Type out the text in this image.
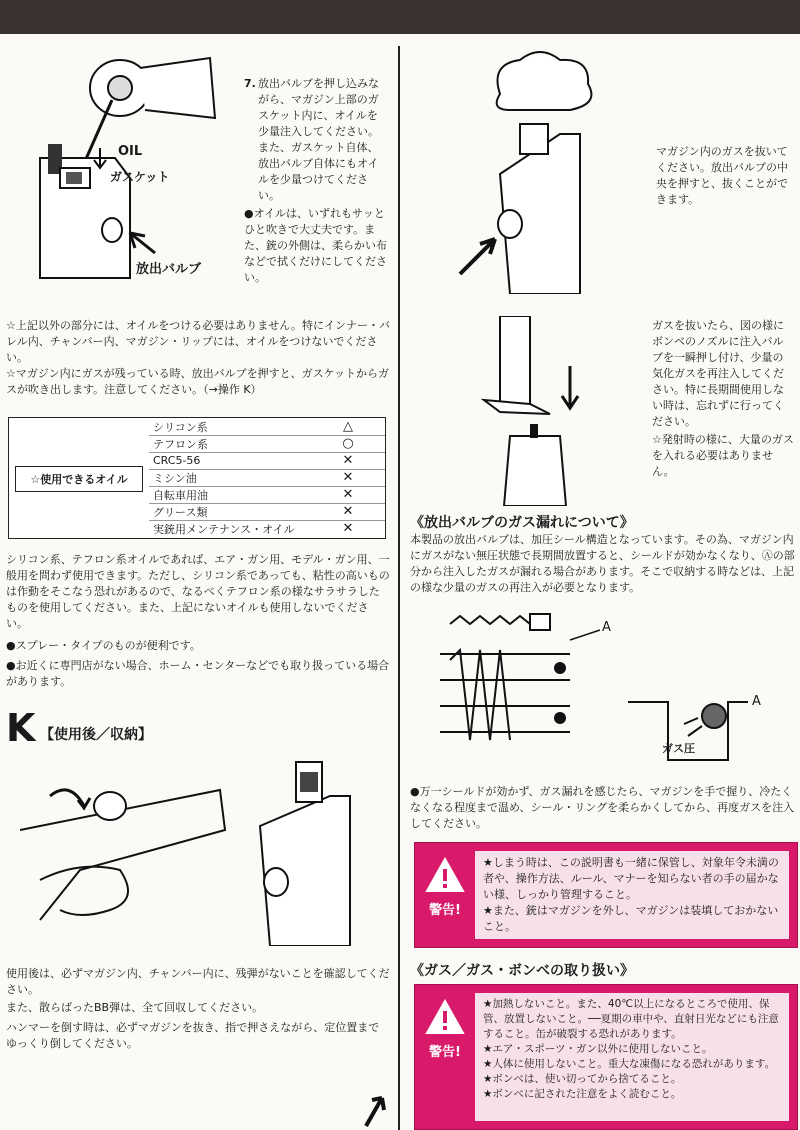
OIL
ガスケット
放出バルブ
7. 放出バルブを押し込みながら、マガジン上部のガスケット内に、オイルを少量注入してください。また、ガスケット自体、放出バルブ自体にもオイルを少量つけてください。
●オイルは、いずれもサッとひと吹きで大丈夫です。また、銃の外側は、柔らかい布などで拭くだけにしてください。
☆上記以外の部分には、オイルをつける必要はありません。特にインナー・バレル内、チャンバー内、マガジン・リップには、オイルをつけないでください。
☆マガジン内にガスが残っている時、放出バルブを押すと、ガスケットからガスが吹き出します。注意してください。（→操作 K）
☆使用できるオイル
シリコン系	△
テフロン系	○
CRC5-56	✕
ミシン油	✕
自転車用油	✕
グリース類	✕
実銃用メンテナンス・オイル	✕
シリコン系、テフロン系オイルであれば、エア・ガン用、モデル・ガン用、一般用を問わず使用できます。ただし、シリコン系であっても、粘性の高いものは作動をそこなう恐れがあるので、なるべくテフロン系の様なサラサラしたものを使用してください。また、上記にないオイルも使用しないでください。
●スプレー・タイプのものが便利です。
●お近くに専門店がない場合、ホーム・センターなどでも取り扱っている場合があります。
K 【使用後／収納】
使用後は、必ずマガジン内、チャンバー内に、残弾がないことを確認してください。
また、散らばったBB弾は、全て回収してください。
ハンマーを倒す時は、必ずマガジンを抜き、指で押さえながら、定位置までゆっくり倒してください。
マガジン内のガスを抜いてください。放出バルブの中央を押すと、抜くことができます。
ガスを抜いたら、図の様にボンベのノズルに注入バルブを一瞬押し付け、少量の気化ガスを再注入してください。特に長期間使用しない時は、忘れずに行ってください。
☆発射時の様に、大量のガスを入れる必要はありません。
《放出バルブのガス漏れについて》
本製品の放出バルブは、加圧シール構造となっています。その為、マガジン内にガスがない無圧状態で長期間放置すると、シールドが効かなくなり、Ⓐの部分から注入したガスが漏れる場合があります。そこで収納する時などは、上記の様な少量のガスの再注入が必要となります。
A
A
ガス圧
●万一シールドが効かず、ガス漏れを感じたら、マガジンを手で握り、冷たくなくなる程度まで温め、シール・リングを柔らかくしてから、再度ガスを注入してください。
警告!
★しまう時は、この説明書も一緒に保管し、対象年令未満の者や、操作方法、ルール、マナーを知らない者の手の届かない様、しっかり管理すること。
★また、銃はマガジンを外し、マガジンは装填しておかないこと。
《ガス／ガス・ボンベの取り扱い》
警告!
★加熱しないこと。また、40℃以上になるところで使用、保管、放置しないこと。──夏期の車中や、直射日光などにも注意すること。缶が破裂する恐れがあります。
★エア・スポーツ・ガン以外に使用しないこと。
★人体に使用しないこと。重大な凍傷になる恐れがあります。
★ボンベは、使い切ってから捨てること。
★ボンベに記された注意をよく読むこと。
